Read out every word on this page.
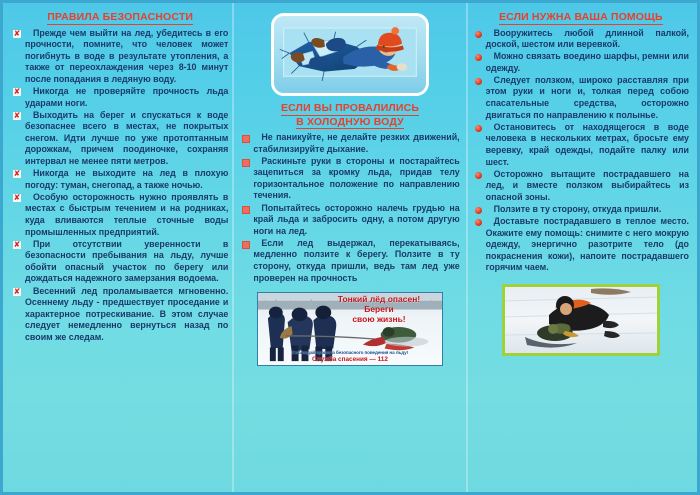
ПРАВИЛА БЕЗОПАСНОСТИ
✘ Прежде чем выйти на лед, убедитесь в его прочности, помните, что человек может погибнуть в воде в результате утопления, а также от переохлаждения через 8-10 минут после попадания в ледяную воду.
✘ Никогда не проверяйте прочность льда ударами ноги.
✘ Выходить на берег и спускаться к воде безопаснее всего в местах, не покрытых снегом. Идти лучше по уже протоптанным дорожкам, причем поодиночке, сохраняя интервал не менее пяти метров.
✘ Никогда не выходите на лед в плохую погоду: туман, снегопад, а также ночью.
✘ Особую осторожность нужно проявлять в местах с быстрым течением и на родниках, куда вливаются теплые сточные воды промышленных предприятий.
✘ При отсутствии уверенности в безопасности пребывания на льду, лучше обойти опасный участок по берегу или дождаться надежного замерзания водоема.
✘ Весенний лед проламывается мгновенно. Осеннему льду - предшествует проседание и характерное потрескивание. В этом случае следует немедленно вернуться назад по своим же следам.
ЕСЛИ ВЫ ПРОВАЛИЛИСЬ
В ХОЛОДНУЮ ВОДУ
Не паникуйте, не делайте резких движений, стабилизируйте дыхание.
Раскиньте руки в стороны и постарайтесь зацепиться за кромку льда, придав телу горизонтальное положение по направлению течения.
Попытайтесь осторожно налечь грудью на край льда и забросить одну, а потом другую ноги на лед.
Если лед выдержал, перекатываясь, медленно ползите к берегу. Ползите в ту сторону, откуда пришли, ведь там лед уже проверен на прочность
Тонкий лёд опасен!
Береги
свою жизнь!
Соблюдай правила безопасного поведения на льду!
Служба спасения — 112
ЕСЛИ НУЖНА ВАША ПОМОЩЬ
Вооружитесь любой длинной палкой, доской, шестом или веревкой.
Можно связать воедино шарфы, ремни или одежду.
Следует ползком, широко расставляя при этом руки и ноги и, толкая перед собою спасательные средства, осторожно двигаться по направлению к полынье.
Остановитесь от находящегося в воде человека в нескольких метрах, бросьте ему веревку, край одежды, подайте палку или шест.
Осторожно вытащите пострадавшего на лед, и вместе ползком выбирайтесь из опасной зоны.
Ползите в ту сторону, откуда пришли.
Доставьте пострадавшего в теплое место. Окажите ему помощь: снимите с него мокрую одежду, энергично разотрите тело (до покраснения кожи), напоите пострадавшего горячим чаем.
